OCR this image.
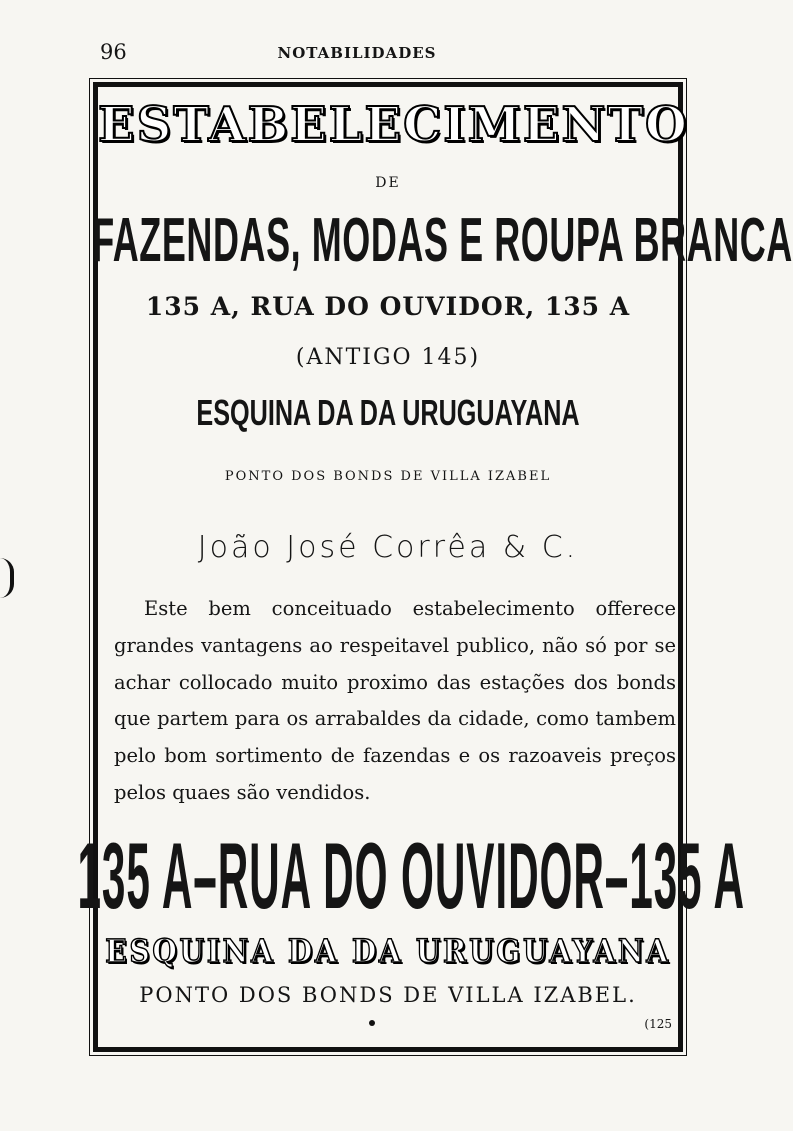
96	NOTABILIDADES
ESTABELECIMENTO
DE
FAZENDAS, MODAS E ROUPA BRANCA
135 A, RUA DO OUVIDOR, 135 A
(ANTIGO 145)
ESQUINA DA DA URUGUAYANA
PONTO DOS BONDS DE VILLA IZABEL
João José Corrêa & C.

Este bem conceituado estabelecimento offerece grandes vantagens ao respeitavel publico, não só por se achar collocado muito proximo das estações dos bonds que partem para os arrabaldes da cidade, como tambem pelo bom sortimento de fazendas e os razoaveis preços pelos quaes são vendidos.

135 A–RUA DO OUVIDOR–135 A
ESQUINA DA DA URUGUAYANA
PONTO DOS BONDS DE VILLA IZABEL.
(125
